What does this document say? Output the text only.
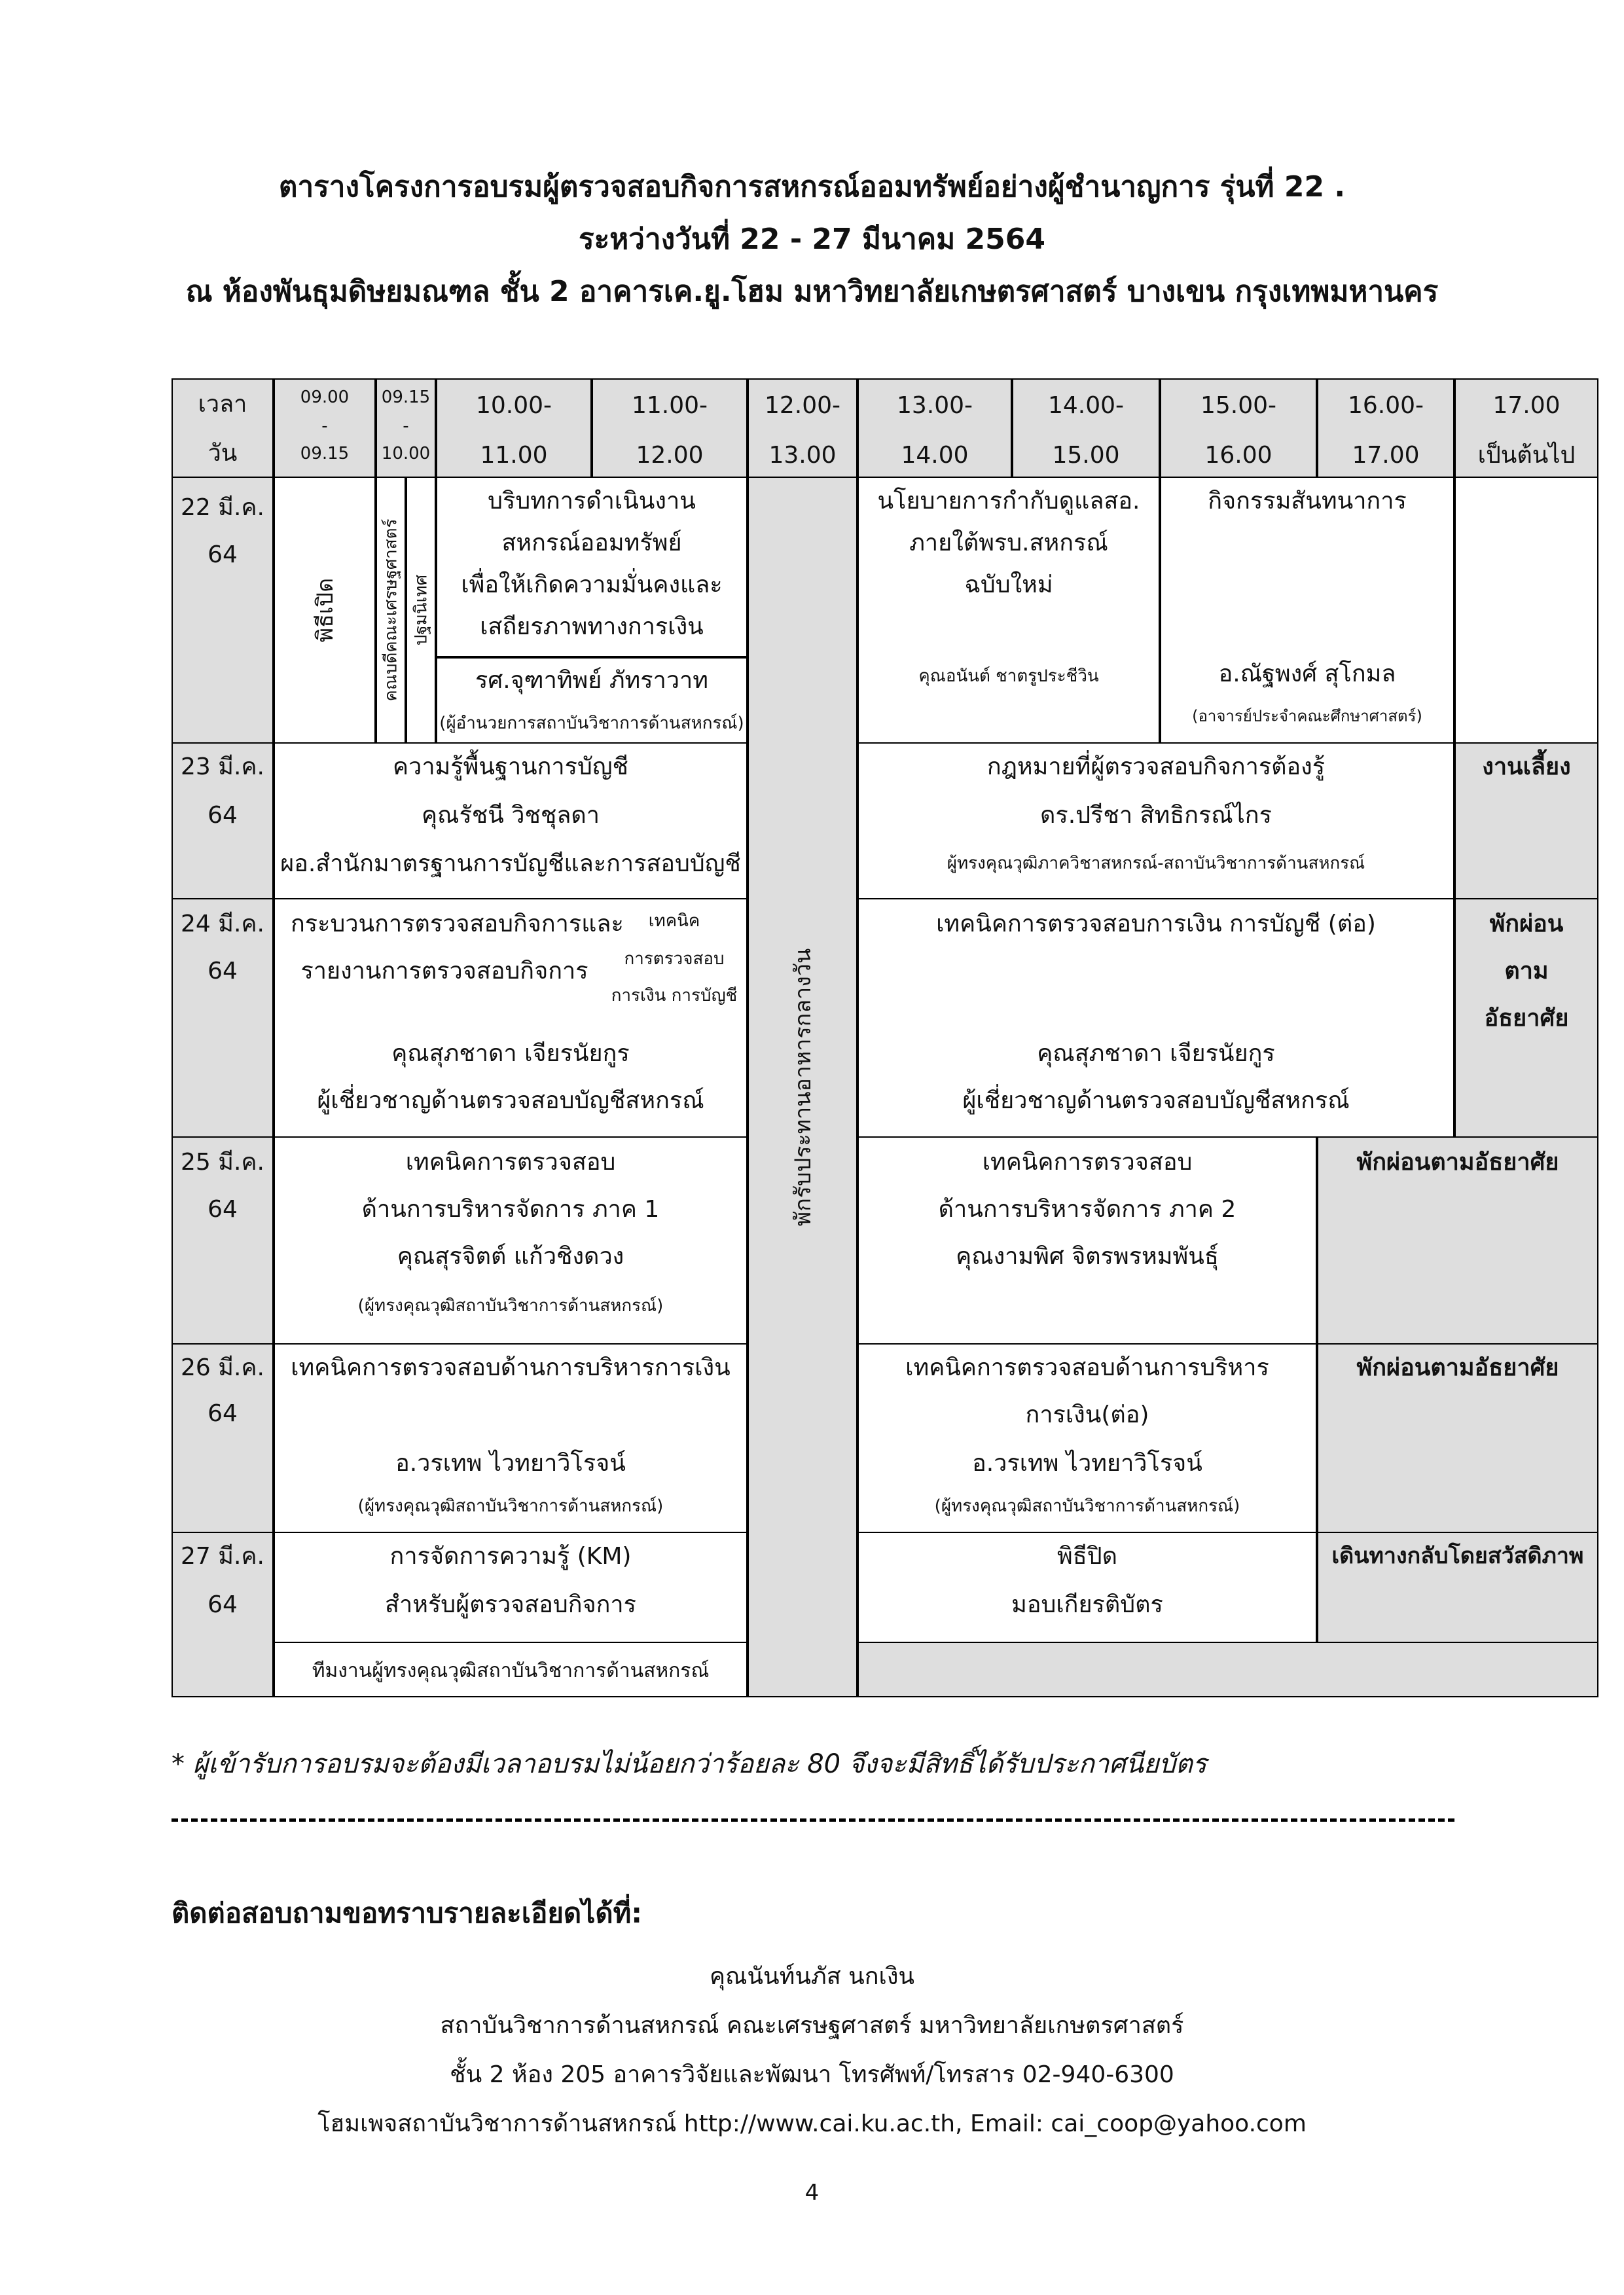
ตารางโครงการอบรมผู้ตรวจสอบกิจการสหกรณ์ออมทรัพย์อย่างผู้ชำนาญการ รุ่นที่ 22 .
ระหว่างวันที่ 22 - 27 มีนาคม 2564
ณ ห้องพันธุมดิษยมณฑล ชั้น 2 อาคารเค.ยู.โฮม มหาวิทยาลัยเกษตรศาสตร์ บางเขน กรุงเทพมหานคร
เวลา
วัน
09.00
-
09.15
09.15
-
10.00
10.00-
11.00
11.00-
12.00
12.00-
13.00
13.00-
14.00
14.00-
15.00
15.00-
16.00
16.00-
17.00
17.00
เป็นต้นไป
พักรับประทานอาหารกลางวัน
22 มี.ค.
64
พิธีเปิด	คณบดีคณะเศรษฐศาสตร์ ปฐมนิเทศ
บริบทการดำเนินงาน
สหกรณ์ออมทรัพย์
เพื่อให้เกิดความมั่นคงและ
เสถียรภาพทางการเงิน
รศ.จุฑาทิพย์ ภัทราวาท
(ผู้อำนวยการสถาบันวิชาการด้านสหกรณ์)
นโยบายการกำกับดูแลสอ.
ภายใต้พรบ.สหกรณ์
ฉบับใหม่
คุณอนันต์ ชาตรูประชีวิน
กิจกรรมสันทนาการ
อ.ณัฐพงศ์ สุโกมล
(อาจารย์ประจำคณะศึกษาศาสตร์)
23 มี.ค.
64
ความรู้พื้นฐานการบัญชี
คุณรัชนี วิชชุลดา
ผอ.สำนักมาตรฐานการบัญชีและการสอบบัญชี
กฎหมายที่ผู้ตรวจสอบกิจการต้องรู้
ดร.ปรีชา สิทธิกรณ์ไกร
ผู้ทรงคุณวุฒิภาควิชาสหกรณ์-สถาบันวิชาการด้านสหกรณ์
งานเลี้ยง
24 มี.ค.
64
กระบวนการตรวจสอบกิจการและ
รายงานการตรวจสอบกิจการ
เทคนิค
การตรวจสอบ
การเงิน การบัญชี
คุณสุภชาดา เจียรนัยกูร
ผู้เชี่ยวชาญด้านตรวจสอบบัญชีสหกรณ์
เทคนิคการตรวจสอบการเงิน การบัญชี (ต่อ)
คุณสุภชาดา เจียรนัยกูร
ผู้เชี่ยวชาญด้านตรวจสอบบัญชีสหกรณ์
พักผ่อน
ตาม
อัธยาศัย
25 มี.ค.
64
เทคนิคการตรวจสอบ
ด้านการบริหารจัดการ ภาค 1
คุณสุรจิตต์ แก้วชิงดวง
(ผู้ทรงคุณวุฒิสถาบันวิชาการด้านสหกรณ์)
เทคนิคการตรวจสอบ
ด้านการบริหารจัดการ ภาค 2
คุณงามพิศ จิตรพรหมพันธุ์
พักผ่อนตามอัธยาศัย
26 มี.ค.
64
เทคนิคการตรวจสอบด้านการบริหารการเงิน
อ.วรเทพ ไวทยาวิโรจน์
(ผู้ทรงคุณวุฒิสถาบันวิชาการด้านสหกรณ์)
เทคนิคการตรวจสอบด้านการบริหาร
การเงิน(ต่อ)
อ.วรเทพ ไวทยาวิโรจน์
(ผู้ทรงคุณวุฒิสถาบันวิชาการด้านสหกรณ์)
พักผ่อนตามอัธยาศัย
27 มี.ค.
64
การจัดการความรู้ (KM)
สำหรับผู้ตรวจสอบกิจการ
ทีมงานผู้ทรงคุณวุฒิสถาบันวิชาการด้านสหกรณ์
พิธีปิด
มอบเกียรติบัตร
เดินทางกลับโดยสวัสดิภาพ
* ผู้เข้ารับการอบรมจะต้องมีเวลาอบรมไม่น้อยกว่าร้อยละ 80 จึงจะมีสิทธิ์ได้รับประกาศนียบัตร
ติดต่อสอบถามขอทราบรายละเอียดได้ที่:
คุณนันท์นภัส นกเงิน
สถาบันวิชาการด้านสหกรณ์ คณะเศรษฐศาสตร์ มหาวิทยาลัยเกษตรศาสตร์
ชั้น 2 ห้อง 205 อาคารวิจัยและพัฒนา โทรศัพท์/โทรสาร 02-940-6300
โฮมเพจสถาบันวิชาการด้านสหกรณ์ http://www.cai.ku.ac.th, Email: cai_coop@yahoo.com
4
